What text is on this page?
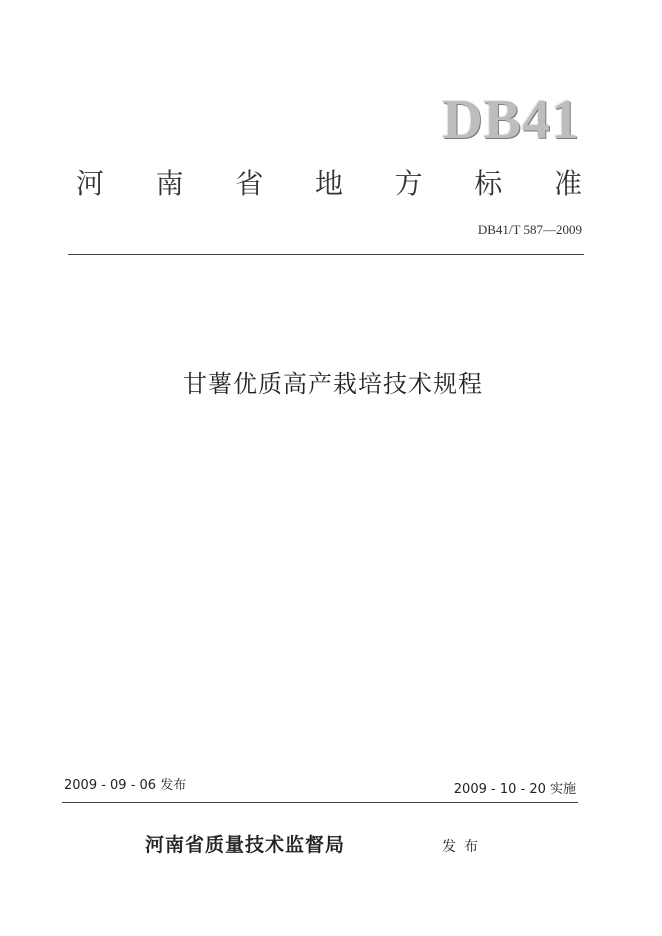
DB41
河 南 省 地 方 标 准
DB41/T 587—2009
甘薯优质高产栽培技术规程
2009 - 09 - 06 发布	2009 - 10 - 20 实施
河南省质量技术监督局	发布
